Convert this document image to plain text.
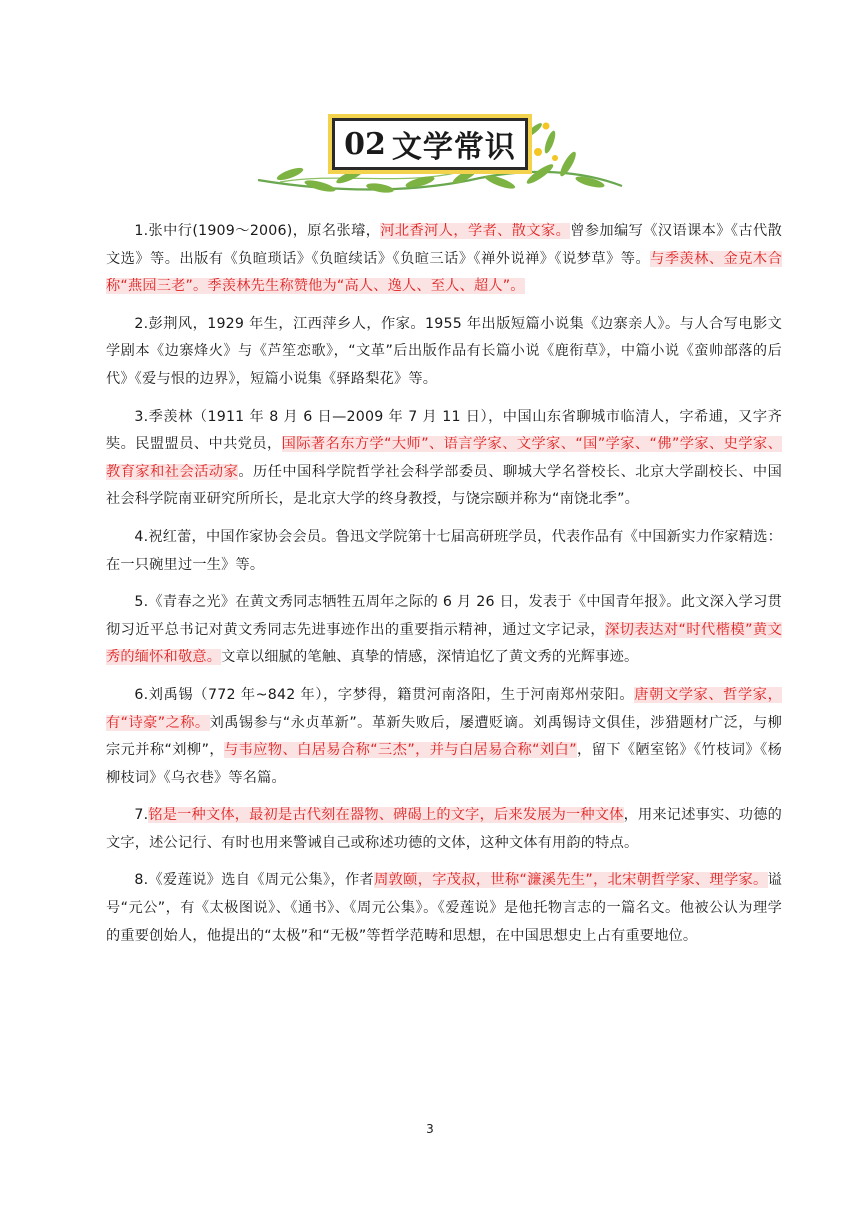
02 文学常识

1.张中行(1909～2006)，原名张璿，河北香河人，学者、散文家。曾参加编写《汉语课本》《古代散文选》等。出版有《负暄琐话》《负暄续话》《负暄三话》《禅外说禅》《说梦草》等。与季羡林、金克木合称“燕园三老”。季羡林先生称赞他为“高人、逸人、至人、超人”。

2.彭荆风，1929 年生，江西萍乡人，作家。1955 年出版短篇小说集《边寨亲人》。与人合写电影文学剧本《边寨烽火》与《芦笙恋歌》，“文革”后出版作品有长篇小说《鹿衔草》，中篇小说《蛮帅部落的后代》《爱与恨的边界》，短篇小说集《驿路梨花》等。

3.季羡林（1911 年 8 月 6 日—2009 年 7 月 11 日），中国山东省聊城市临清人，字希逋，又字齐奘。民盟盟员、中共党员，国际著名东方学“大师”、语言学家、文学家、“国”学家、“佛”学家、史学家、教育家和社会活动家。历任中国科学院哲学社会科学部委员、聊城大学名誉校长、北京大学副校长、中国社会科学院南亚研究所所长，是北京大学的终身教授，与饶宗颐并称为“南饶北季”。

4.祝红蕾，中国作家协会会员。鲁迅文学院第十七届高研班学员，代表作品有《中国新实力作家精选：在一只碗里过一生》等。

5.《青春之光》在黄文秀同志牺牲五周年之际的 6 月 26 日，发表于《中国青年报》。此文深入学习贯彻习近平总书记对黄文秀同志先进事迹作出的重要指示精神，通过文字记录，深切表达对“时代楷模”黄文秀的缅怀和敬意。文章以细腻的笔触、真挚的情感，深情追忆了黄文秀的光辉事迹。

6.刘禹锡（772 年~842 年），字梦得，籍贯河南洛阳，生于河南郑州荥阳。唐朝文学家、哲学家，有“诗豪”之称。刘禹锡参与“永贞革新”。革新失败后，屡遭贬谪。刘禹锡诗文俱佳，涉猎题材广泛，与柳宗元并称“刘柳”，与韦应物、白居易合称“三杰”，并与白居易合称“刘白”，留下《陋室铭》《竹枝词》《杨柳枝词》《乌衣巷》等名篇。

7.铭是一种文体，最初是古代刻在器物、碑碣上的文字，后来发展为一种文体，用来记述事实、功德的文字，述公记行、有时也用来警诫自己或称述功德的文体，这种文体有用韵的特点。

8.《爱莲说》选自《周元公集》，作者周敦颐，字茂叔，世称“濂溪先生”，北宋朝哲学家、理学家。谥号“元公”，有《太极图说》、《通书》、《周元公集》。《爱莲说》是他托物言志的一篇名文。他被公认为理学的重要创始人，他提出的“太极”和“无极”等哲学范畴和思想，在中国思想史上占有重要地位。

3
